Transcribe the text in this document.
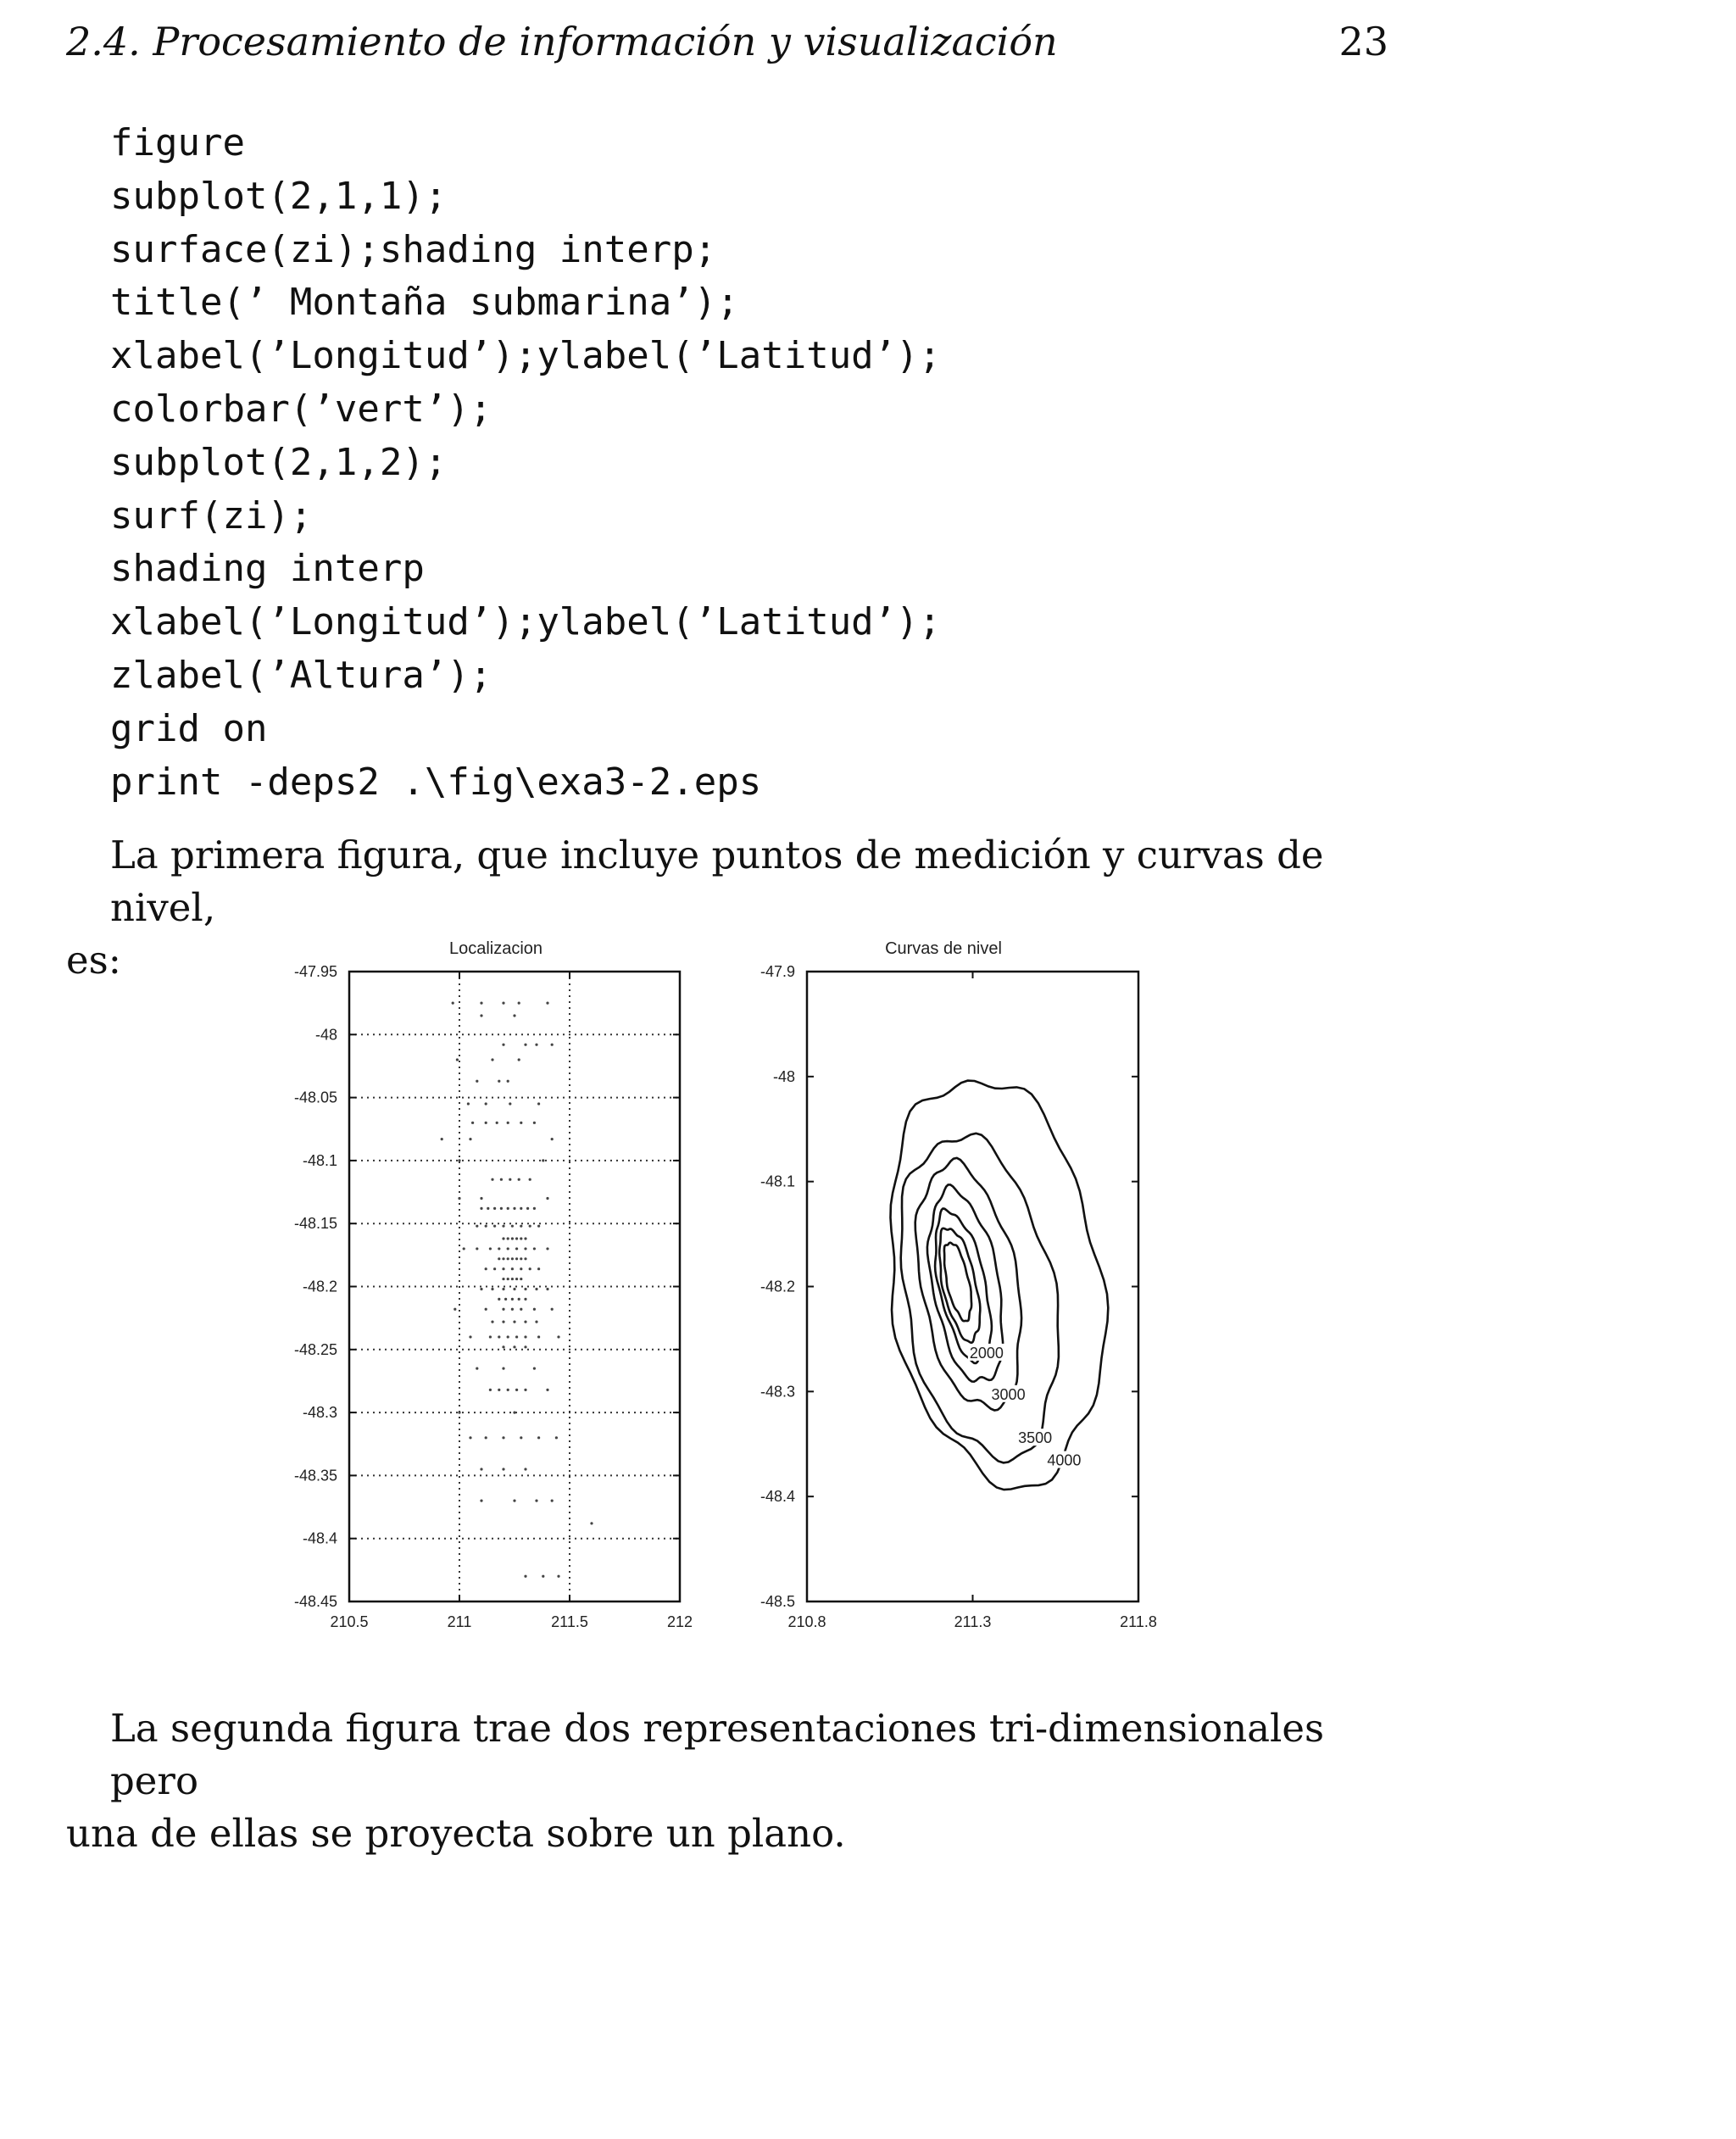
2.4. Procesamiento de información y visualización	23
figure
subplot(2,1,1);
surface(zi);shading interp;
title(’ Montaña submarina’);
xlabel(’Longitud’);ylabel(’Latitud’);
colorbar(’vert’);
subplot(2,1,2);
surf(zi);
shading interp
xlabel(’Longitud’);ylabel(’Latitud’);
zlabel(’Altura’);
grid on
print -deps2 .\fig\exa3-2.eps
La primera figura, que incluye puntos de medición y curvas de nivel,
es:	Localizacion
-47.95
-48
-48.05
-48.1
-48.15
-48.2
-48.25
-48.3
-48.35
-48.4
-48.45
210.5	211	211.5	212
Curvas de nivel
4000
3500
3000
2000
-47.9
-48
-48.1
-48.2
-48.3
-48.4
-48.5
210.8	211.3	211.8
La segunda figura trae dos representaciones tri-dimensionales pero
una de ellas se proyecta sobre un plano.
